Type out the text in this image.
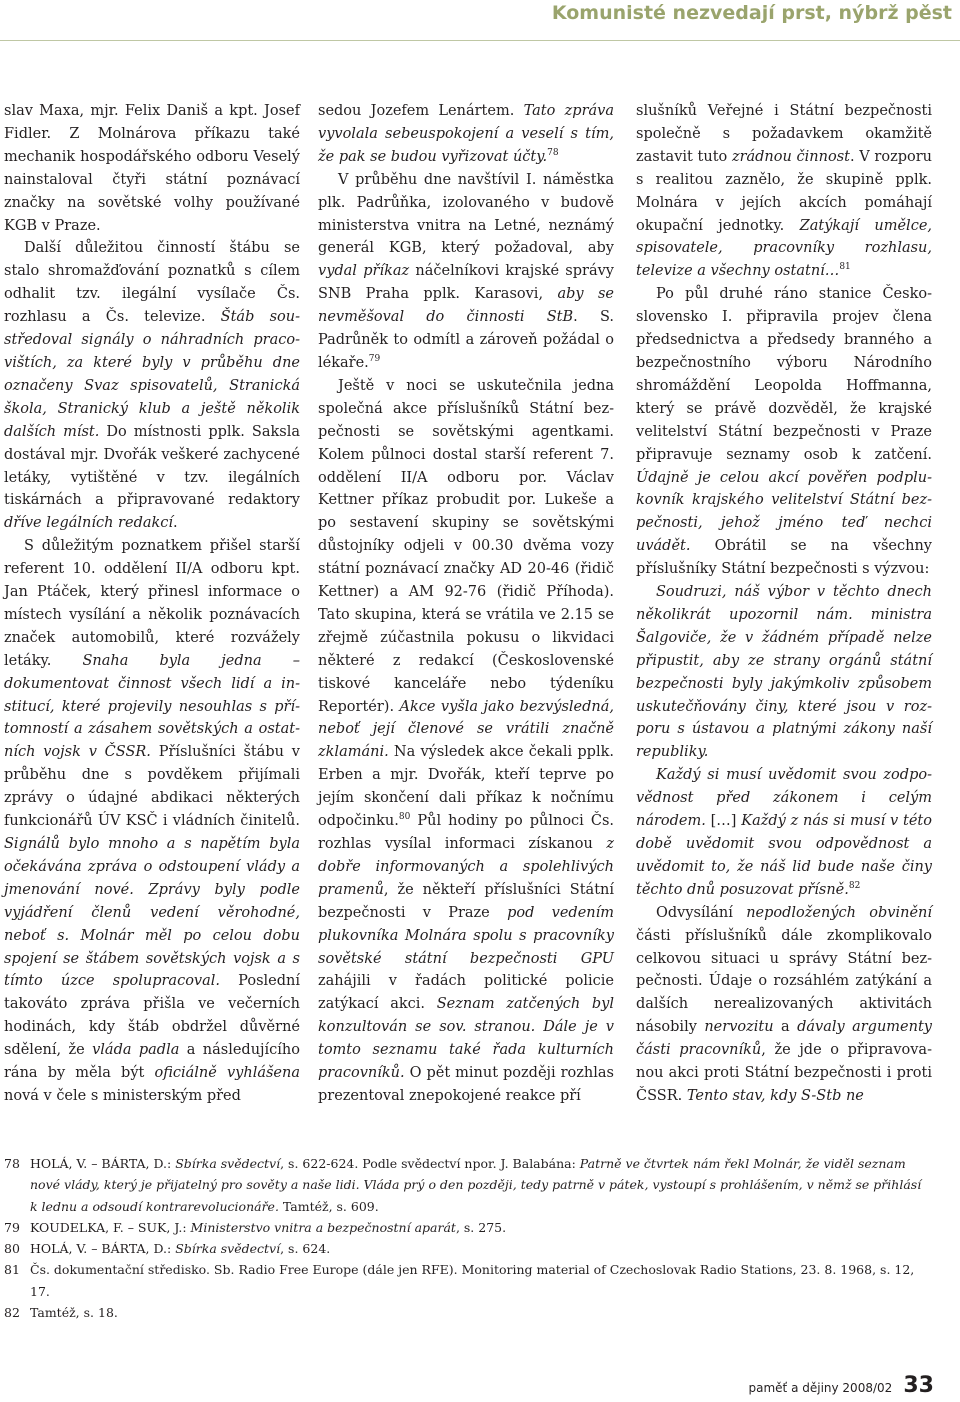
Komunisté nezvedají prst, nýbrž pěst

slav Maxa, mjr. Felix Daniš a kpt. Josef Fidler. Z Molnárova příkazu také mechanik hospodářského odboru Veselý nainstaloval čtyři státní poznávací značky na sovětské volhy používané KGB v Praze.

Další důležitou činností štábu se stalo shromažďování poznatků s cílem odhalit tzv. ilegální vysílače Čs. rozhlasu a Čs. televize. Štáb soustředoval signály o náhradních pracovištích, za které byly v průběhu dne označeny Svaz spisovatelů, Stranická škola, Stranický klub a ještě několik dalších míst. Do místnosti pplk. Saksla dostával mjr. Dvořák veškeré zachycené letáky, vytištěné v tzv. ilegálních tiskárnách a připravované redaktory dříve legálních redakcí.

S důležitým poznatkem přišel starší referent 10. oddělení II/A odboru kpt. Jan Ptáček, který přinesl informace o místech vysílání a několik poznávacích značek automobilů, které rozvážely letáky. Snaha byla jedna – dokumentovat činnost všech lidí a institucí, které projevily nesouhlas s přítomností a zásahem sovětských a ostatních vojsk v ČSSR. Příslušníci štábu v průběhu dne s povděkem přijímali zprávy o údajné abdikaci některých funkcionářů ÚV KSČ i vládních činitelů. Signálů bylo mnoho a s napětím byla očekávána zpráva o odstoupení vlády a jmenování nové. Zprávy byly podle vyjádření členů vedení věrohodné, neboť s. Molnár měl po celou dobu spojení se štábem sovětských vojsk a s tímto úzce spolupracoval. Poslední takováto zpráva přišla ve večerních hodinách, kdy štáb obdržel důvěrné sdělení, že vláda padla a následujícího rána by měla být oficiálně vyhlášena nová v čele s ministerským před

sedou Jozefem Lenártem. Tato zpráva vyvolala sebeuspokojení a veselí s tím, že pak se budou vyřizovat účty.$^{78}$

V průběhu dne navštívil I. náměstka plk. Padrůňka, izolovaného v budově ministerstva vnitra na Letné, neznámý generál KGB, který požadoval, aby vydal příkaz náčelníkovi krajské správy SNB Praha pplk. Karasovi, aby se nevměšoval do činnosti StB. S. Padrůněk to odmítl a zároveň požádal o lékaře.$^{79}$

Ještě v noci se uskutečnila jedna společná akce příslušníků Státní bezpečnosti se sovětskými agentkami. Kolem půlnoci dostal starší referent 7. oddělení II/A odboru por. Václav Kettner příkaz probudit por. Lukeše a po sestavení skupiny se sovětskými důstojníky odjeli v 00.30 dvěma vozy státní poznávací značky AD 20-46 (řidič Kettner) a AM 92-76 (řidič Příhoda). Tato skupina, která se vrátila ve 2.15 se zřejmě zúčastnila pokusu o likvidaci některé z redakcí (Československé tiskové kanceláře nebo týdeníku Reportér). Akce vyšla jako bezvýsledná, neboť její členové se vrátili značně zklamáni. Na výsledek akce čekali pplk. Erben a mjr. Dvořák, kteří teprve po jejím skončení dali příkaz k nočnímu odpočinku.$^{80}$ Půl hodiny po půlnoci Čs. rozhlas vysílal informaci získanou z dobře informovaných a spolehlivých pramenů, že někteří příslušníci Státní bezpečnosti v Praze pod vedením plukovníka Molnára spolu s pracovníky sovětské státní bezpečnosti GPU zahájili v řadách politické policie zatýkací akci. Seznam zatčených byl konzultován se sov. stranou. Dále je v tomto seznamu také řada kulturních pracovníků. O pět minut později rozhlas prezentoval znepokojené reakce pří

slušníků Veřejné i Státní bezpečnosti společně s požadavkem okamžitě zastavit tuto zrádnou činnost. V rozporu s realitou zaznělo, že skupině pplk. Molnára v jejích akcích pomáhají okupační jednotky. Zatýkají umělce, spisovatele, pracovníky rozhlasu, televize a všechny ostatní…$^{81}$

Po půl druhé ráno stanice Československo I. připravila projev člena předsednictva a předsedy branného a bezpečnostního výboru Národního shromáždění Leopolda Hoffmanna, který se právě dozvěděl, že krajské velitelství Státní bezpečnosti v Praze připravuje seznamy osob k zatčení. Údajně je celou akcí pověřen podplukovník krajského velitelství Státní bezpečnosti, jehož jméno teď nechci uvádět. Obrátil se na všechny příslušníky Státní bezpečnosti s výzvou:

Soudruzi, náš výbor v těchto dnech několikrát upozornil nám. ministra Šalgoviče, že v žádném případě nelze připustit, aby ze strany orgánů státní bezpečnosti byly jakýmkoliv způsobem uskutečňovány činy, které jsou v rozporu s ústavou a platnými zákony naší republiky.

Každý si musí uvědomit svou zodpovědnost před zákonem i celým národem. […] Každý z nás si musí v této době uvědomit svou odpovědnost a uvědomit to, že náš lid bude naše činy těchto dnů posuzovat přísně.$^{82}$

Odvysílání nepodložených obvinění části příslušníků dále zkomplikovalo celkovou situaci u správy Státní bezpečnosti. Údaje o rozsáhlém zatýkání a dalších nerealizovaných aktivitách násobily nervozitu a dávaly argumenty části pracovníků, že jde o připravovanou akci proti Státní bezpečnosti i proti ČSSR. Tento stav, kdy S-Stb ne

78 HOLÁ, V. – BÁRTA, D.: Sbírka svědectví, s. 622-624. Podle svědectví npor. J. Balabána: Patrně ve čtvrtek nám řekl Molnár, že viděl seznam nové vlády, který je přijatelný pro sověty a naše lidi. Vláda prý o den později, tedy patrně v pátek, vystoupí s prohlášením, v němž se přihlásí k lednu a odsoudí kontrarevolucionáře. Tamtéž, s. 609.
79 KOUDELKA, F. – SUK, J.: Ministerstvo vnitra a bezpečnostní aparát, s. 275.
80 HOLÁ, V. – BÁRTA, D.: Sbírka svědectví, s. 624.
81 Čs. dokumentační středisko. Sb. Radio Free Europe (dále jen RFE). Monitoring material of Czechoslovak Radio Stations, 23. 8. 1968, s. 12, 17.
82 Tamtéž, s. 18.
paměť a dějiny 2008/02 33
